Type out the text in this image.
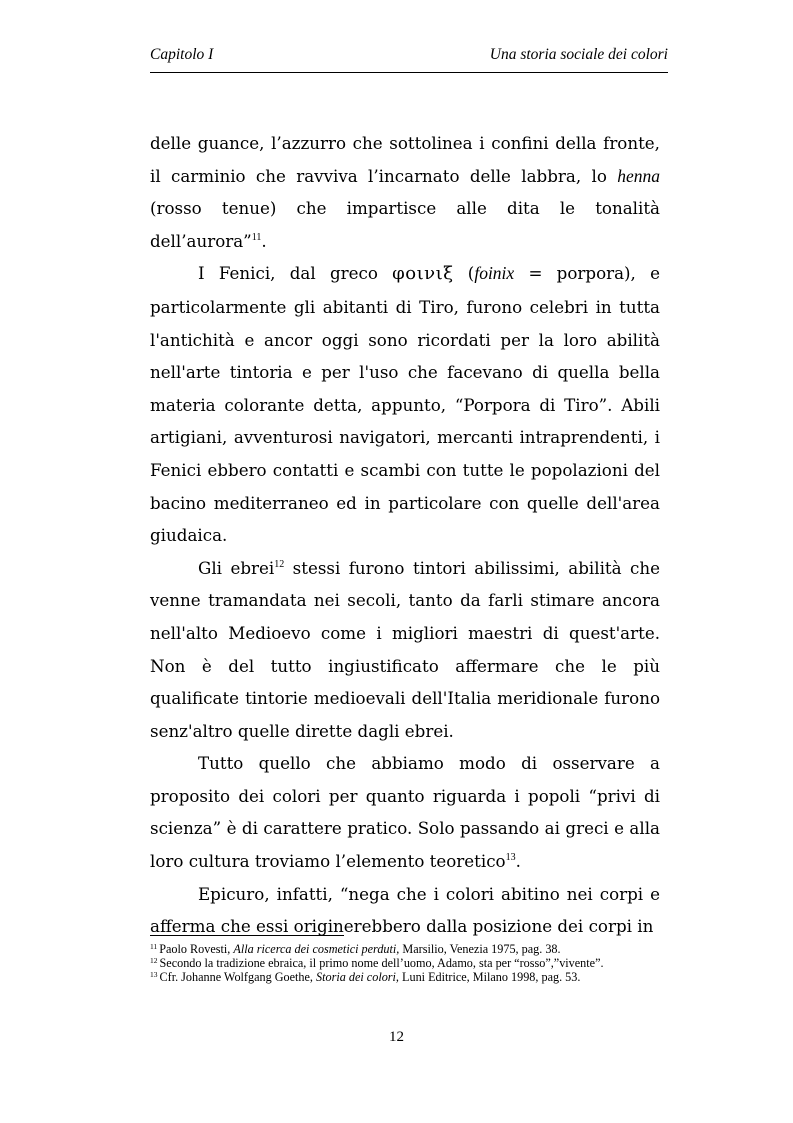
Capitolo I	Una storia sociale dei colori

delle guance, l’azzurro che sottolinea i confini della fronte, il carminio che ravviva l’incarnato delle labbra, lo henna (rosso tenue) che impartisce alle dita le tonalità dell’aurora”$^{11}$.

I Fenici, dal greco φοινιξ (foinix = porpora), e particolarmente gli abitanti di Tiro, furono celebri in tutta l'antichità e ancor oggi sono ricordati per la loro abilità nell'arte tintoria e per l'uso che facevano di quella bella materia colorante detta, appunto, “Porpora di Tiro”. Abili artigiani, avventurosi navigatori, mercanti intraprendenti, i Fenici ebbero contatti e scambi con tutte le popolazioni del bacino mediterraneo ed in particolare con quelle dell'area giudaica.

Gli ebrei$^{12}$ stessi furono tintori abilissimi, abilità che venne tramandata nei secoli, tanto da farli stimare ancora nell'alto Medioevo come i migliori maestri di quest'arte. Non è del tutto ingiustificato affermare che le più qualificate tintorie medioevali dell'Italia meridionale furono senz'altro quelle dirette dagli ebrei.

Tutto quello che abbiamo modo di osservare a proposito dei colori per quanto riguarda i popoli “privi di scienza” è di carattere pratico. Solo passando ai greci e alla loro cultura troviamo l’elemento teoretico$^{13}$.

Epicuro, infatti, “nega che i colori abitino nei corpi e afferma che essi originerebbero dalla posizione dei corpi in

$^{11}$ Paolo Rovesti, Alla ricerca dei cosmetici perduti, Marsilio, Venezia 1975, pag. 38.
$^{12}$ Secondo la tradizione ebraica, il primo nome dell’uomo, Adamo, sta per “rosso”,”vivente”.
$^{13}$ Cfr. Johanne Wolfgang Goethe, Storia dei colori, Luni Editrice, Milano 1998, pag. 53.
12
